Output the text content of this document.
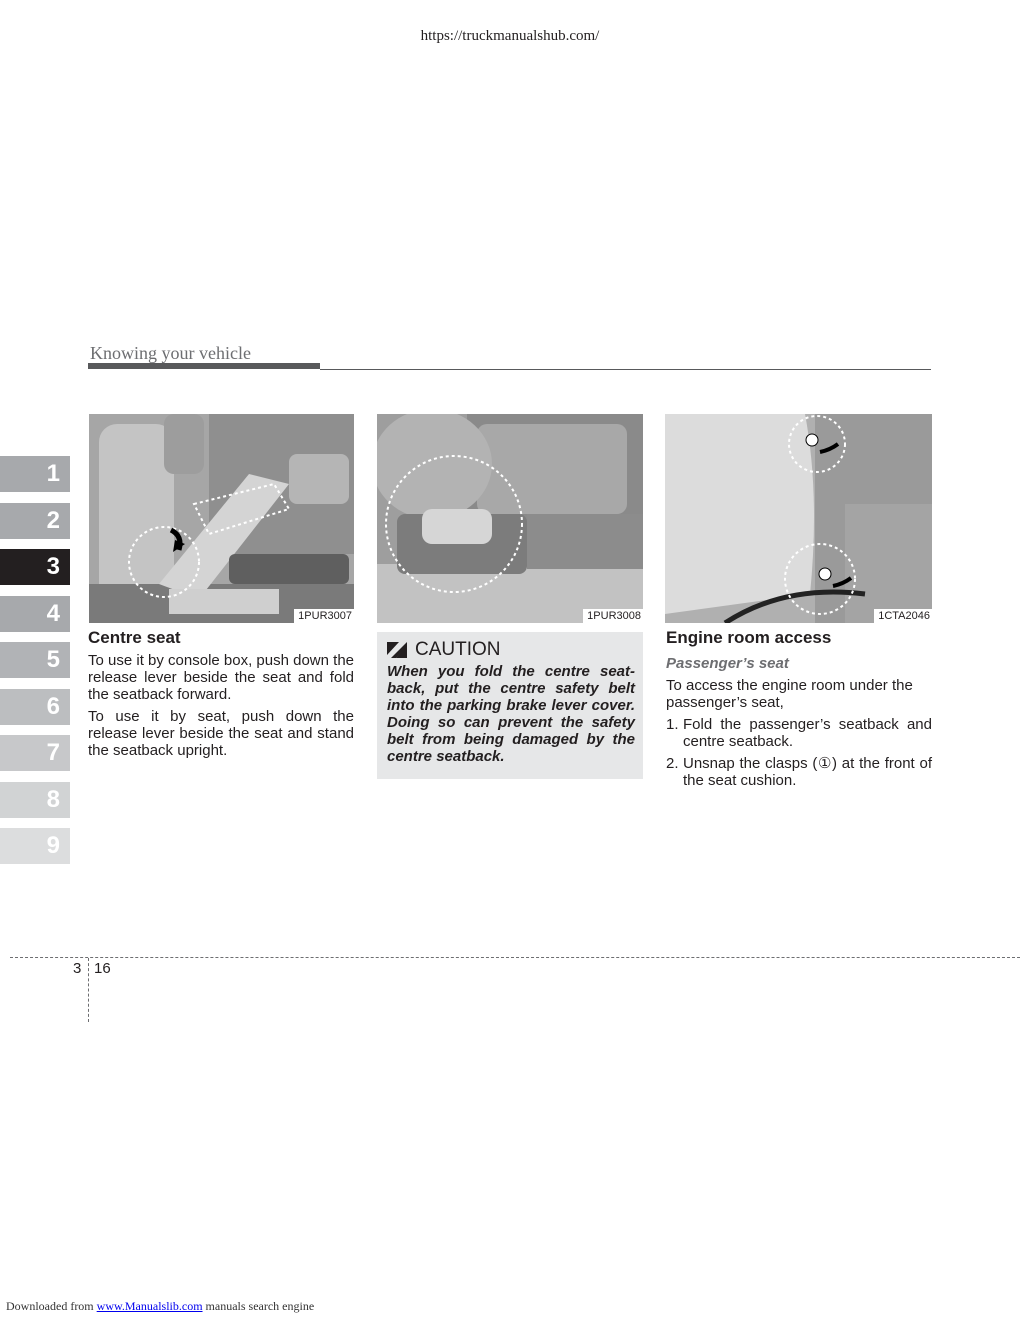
https://truckmanualshub.com/
Knowing your vehicle
1
2
3
4
5
6
7
8
9
1PUR3007	1PUR3008	1CTA2046
Centre seat

To use it by console box, push down the release lever beside the seat and fold the seatback forward.

To use it by seat, push down the release lever beside the seat and stand the seatback upright.

CAUTION
When you fold the centre seat-back, put the centre safety belt into the parking brake lever cover. Doing so can prevent the safety belt from being damaged by the centre seatback.
Engine room access
Passenger’s seat

To access the engine room under the passenger’s seat,

1. Fold the passenger’s seatback and centre seatback.
2. Unsnap the clasps (①) at the front of the seat cushion.
3 16
Downloaded from www.Manualslib.com manuals search engine
